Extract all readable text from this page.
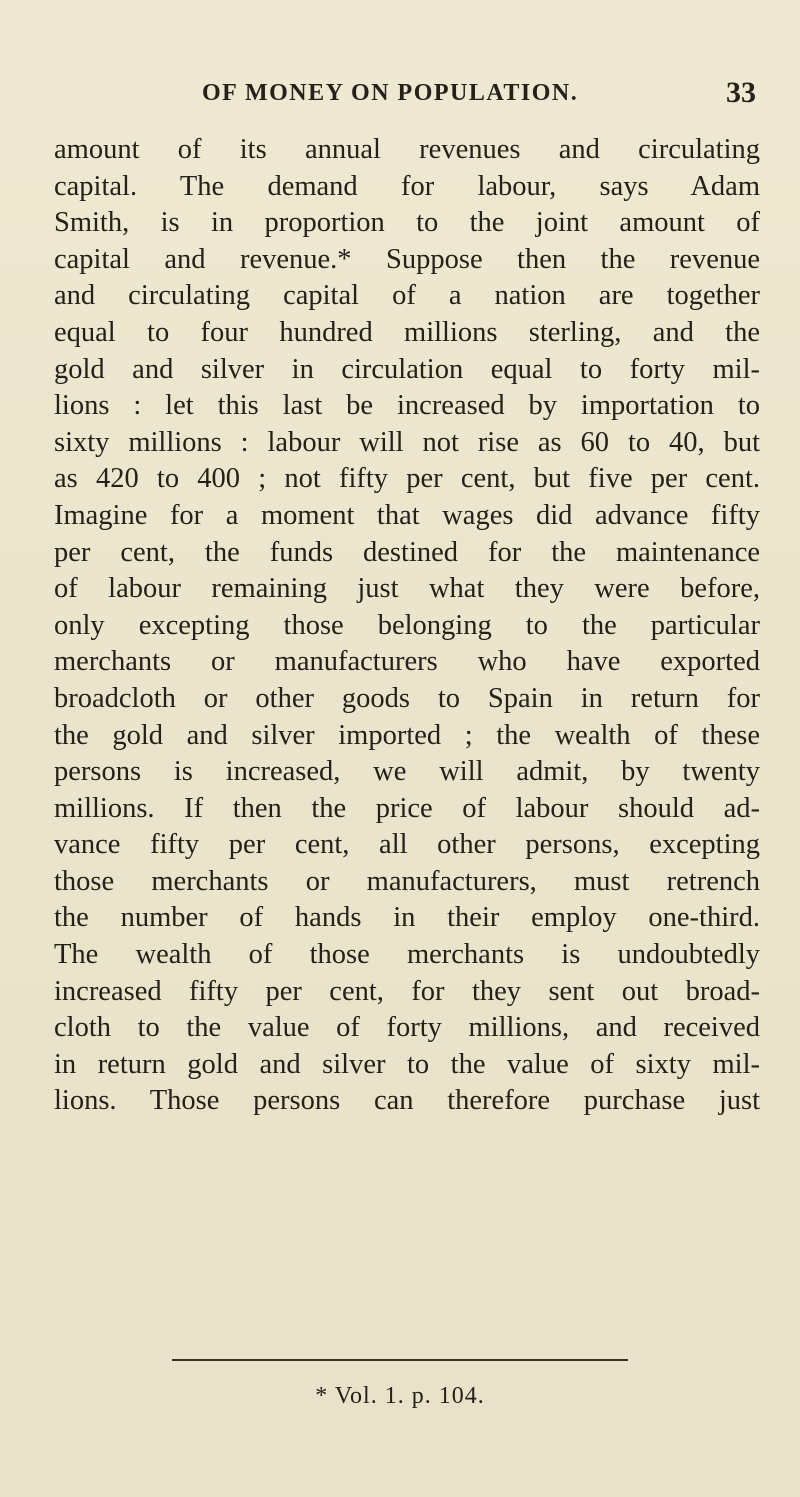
OF MONEY ON POPULATION.	33
amount of its annual revenues and circulating
capital. The demand for labour, says Adam
Smith, is in proportion to the joint amount of
capital and revenue.* Suppose then the revenue
and circulating capital of a nation are together
equal to four hundred millions sterling, and the
gold and silver in circulation equal to forty mil-
lions : let this last be increased by importation to
sixty millions : labour will not rise as 60 to 40, but
as 420 to 400 ; not fifty per cent, but five per cent.
Imagine for a moment that wages did advance fifty
per cent, the funds destined for the maintenance
of labour remaining just what they were before,
only excepting those belonging to the particular
merchants or manufacturers who have exported
broadcloth or other goods to Spain in return for
the gold and silver imported ; the wealth of these
persons is increased, we will admit, by twenty
millions. If then the price of labour should ad-
vance fifty per cent, all other persons, excepting
those merchants or manufacturers, must retrench
the number of hands in their employ one-third.
The wealth of those merchants is undoubtedly
increased fifty per cent, for they sent out broad-
cloth to the value of forty millions, and received
in return gold and silver to the value of sixty mil-
lions. Those persons can therefore purchase just
* Vol. 1. p. 104.
